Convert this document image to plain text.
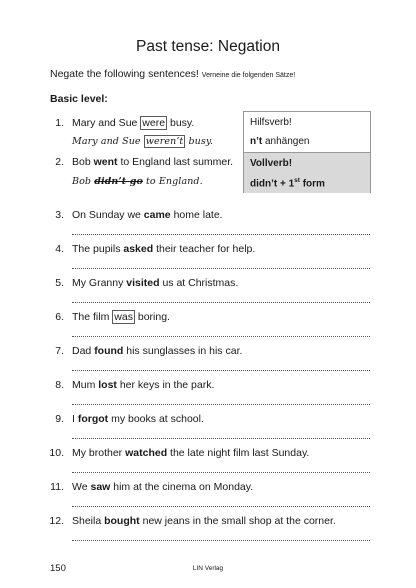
Past tense: Negation
Negate the following sentences! Verneine die folgenden Sätze!
Basic level:
1. Mary and Sue were busy.
Mary and Sue weren’t busy.
2. Bob went to England last summer.
Bob didn’t go to England.
Hilfsverb!
n’t anhängen
Vollverb!
didn’t + 1st form
3. On Sunday we came home late.
4. The pupils asked their teacher for help.
5. My Granny visited us at Christmas.
6. The film was boring.
7. Dad found his sunglasses in his car.
8. Mum lost her keys in the park.
9. I forgot my books at school.
10. My brother watched the late night film last Sunday.
11. We saw him at the cinema on Monday.
12. Sheila bought new jeans in the small shop at the corner.
150	LIN Verlag
